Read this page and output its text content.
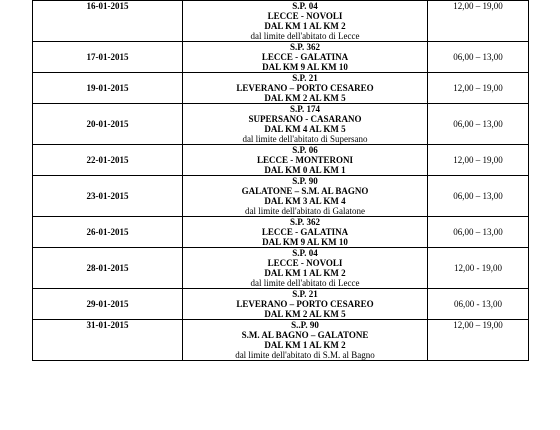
16-01-2015	S.P. 04
LECCE - NOVOLI
DAL KM 1 AL KM 2
dal limite dell'abitato di Lecce	12,00 – 19,00
17-01-2015	S.P. 362
LECCE - GALATINA
DAL KM 9 AL KM 10	06,00 – 13,00
19-01-2015	S.P. 21
LEVERANO – PORTO CESAREO
DAL KM 2 AL KM 5	12,00 – 19,00
20-01-2015	S.P. 174
SUPERSANO - CASARANO
DAL KM 4 AL KM 5
dal limite dell'abitato di Supersano	06,00 – 13,00
22-01-2015	S.P. 06
LECCE - MONTERONI
DAL KM 0 AL KM 1	12,00 – 19,00
23-01-2015	S.P. 90
GALATONE – S.M. AL BAGNO
DAL KM 3 AL KM 4
dal limite dell'abitato di Galatone	06,00 – 13,00
26-01-2015	S.P. 362
LECCE - GALATINA
DAL KM 9 AL KM 10	06,00 – 13,00
28-01-2015	S.P. 04
LECCE - NOVOLI
DAL KM 1 AL KM 2
dal limite dell'abitato di Lecce	12,00 - 19,00
29-01-2015	S.P. 21
LEVERANO – PORTO CESAREO
DAL KM 2 AL KM 5	06,00 - 13,00
31-01-2015	S..P. 90
S.M. AL BAGNO – GALATONE
DAL KM 1 AL KM 2
dal limite dell'abitato di S.M. al Bagno	12,00 – 19,00
